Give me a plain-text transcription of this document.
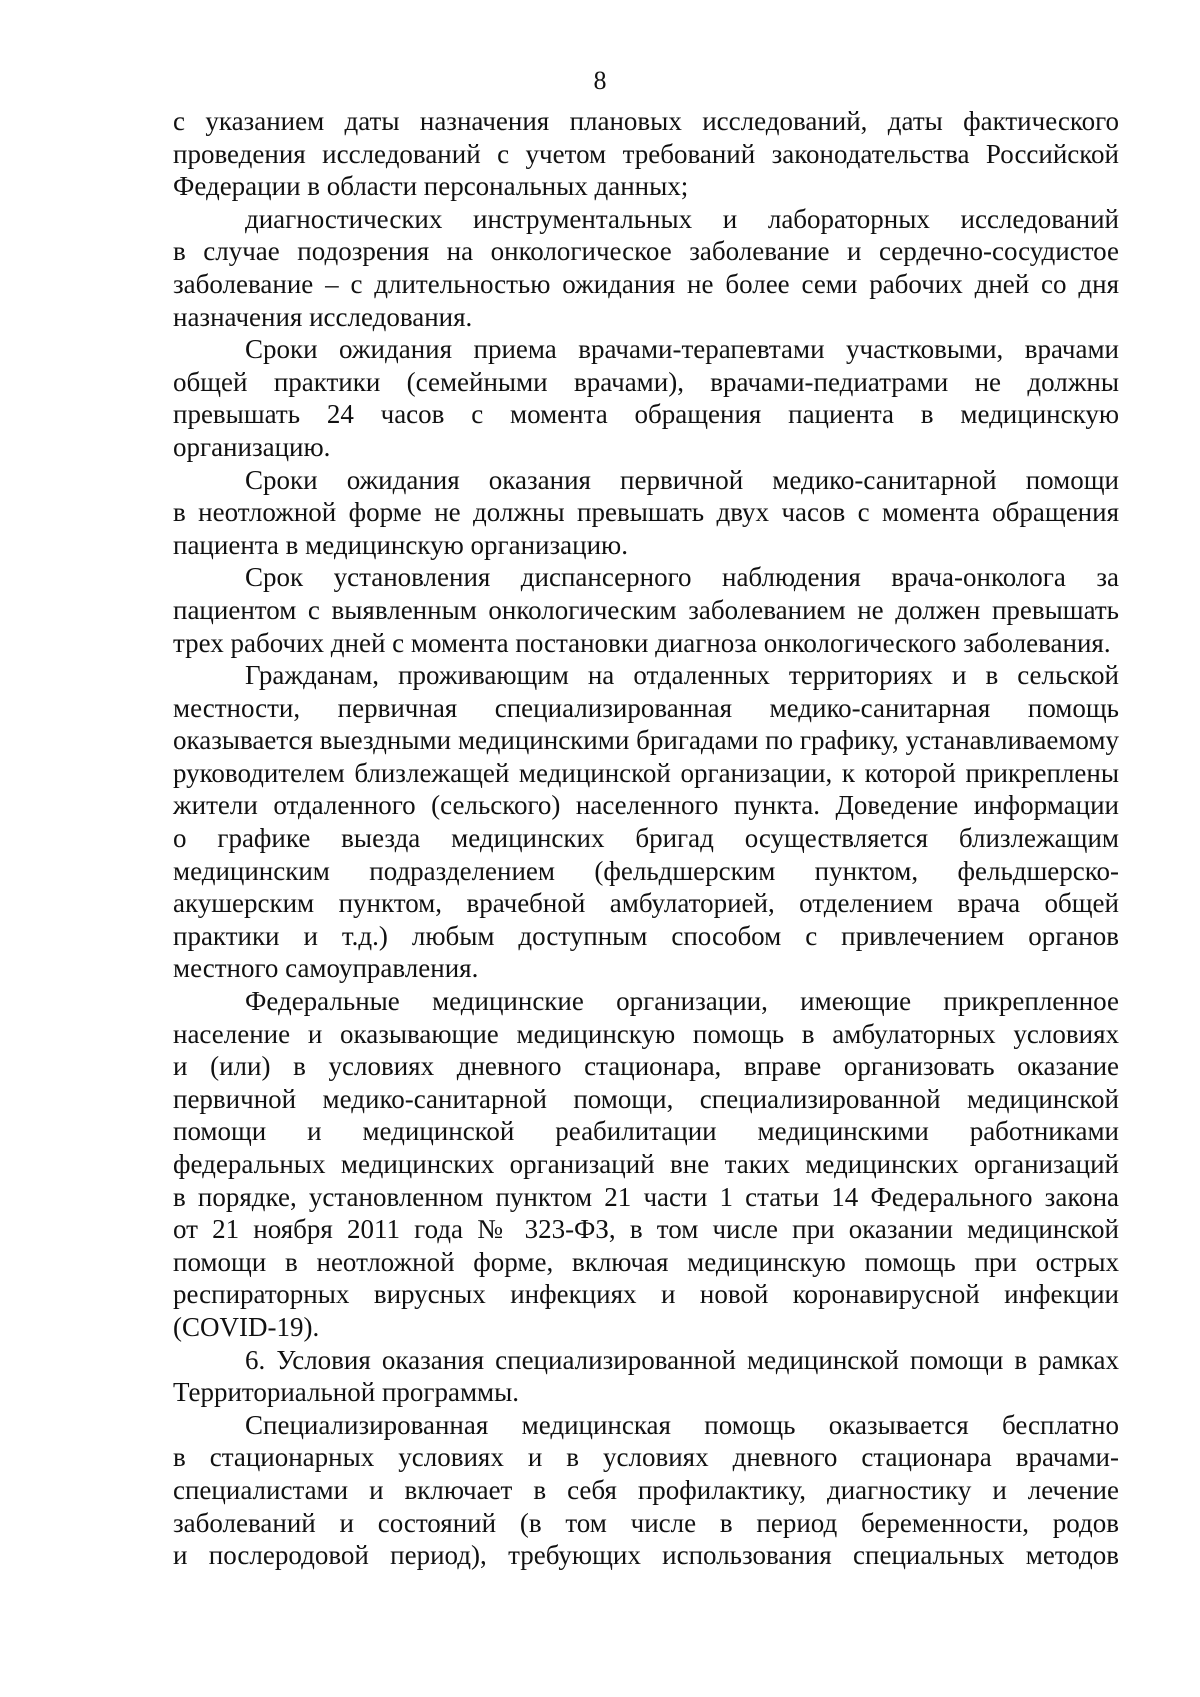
8
с указанием даты назначения плановых исследований, даты фактического
проведения исследований с учетом требований законодательства Российской
Федерации в области персональных данных;
диагностических инструментальных и лабораторных исследований
в случае подозрения на онкологическое заболевание и сердечно-сосудистое
заболевание – с длительностью ожидания не более семи рабочих дней со дня
назначения исследования.
Сроки ожидания приема врачами-терапевтами участковыми, врачами
общей практики (семейными врачами), врачами-педиатрами не должны
превышать 24 часов с момента обращения пациента в медицинскую
организацию.
Сроки ожидания оказания первичной медико-санитарной помощи
в неотложной форме не должны превышать двух часов с момента обращения
пациента в медицинскую организацию.
Срок установления диспансерного наблюдения врача-онколога за
пациентом с выявленным онкологическим заболеванием не должен превышать
трех рабочих дней с момента постановки диагноза онкологического заболевания.
Гражданам, проживающим на отдаленных территориях и в сельской
местности, первичная специализированная медико-санитарная помощь
оказывается выездными медицинскими бригадами по графику, устанавливаемому
руководителем близлежащей медицинской организации, к которой прикреплены
жители отдаленного (сельского) населенного пункта. Доведение информации
о графике выезда медицинских бригад осуществляется близлежащим
медицинским подразделением (фельдшерским пунктом, фельдшерско-
акушерским пунктом, врачебной амбулаторией, отделением врача общей
практики и т.д.) любым доступным способом с привлечением органов
местного самоуправления.
Федеральные медицинские организации, имеющие прикрепленное
население и оказывающие медицинскую помощь в амбулаторных условиях
и (или) в условиях дневного стационара, вправе организовать оказание
первичной медико-санитарной помощи, специализированной медицинской
помощи и медицинской реабилитации медицинскими работниками
федеральных медицинских организаций вне таких медицинских организаций
в порядке, установленном пунктом 21 части 1 статьи 14 Федерального закона
от 21 ноября 2011 года № 323-ФЗ, в том числе при оказании медицинской
помощи в неотложной форме, включая медицинскую помощь при острых
респираторных вирусных инфекциях и новой коронавирусной инфекции
(COVID-19).
6. Условия оказания специализированной медицинской помощи в рамках
Территориальной программы.
Специализированная медицинская помощь оказывается бесплатно
в стационарных условиях и в условиях дневного стационара врачами-
специалистами и включает в себя профилактику, диагностику и лечение
заболеваний и состояний (в том числе в период беременности, родов
и послеродовой период), требующих использования специальных методов
